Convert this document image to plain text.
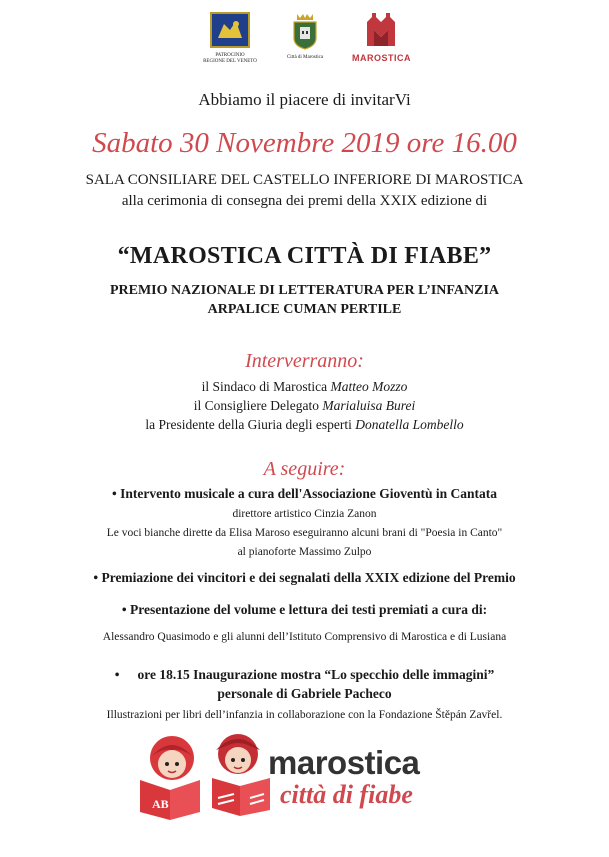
PATROCINIO
REGIONE DEL VENETO
Città di Marostica	MAROSTICA
Abbiamo il piacere di invitarVi
Sabato 30 Novembre 2019 ore 16.00
SALA CONSILIARE DEL CASTELLO INFERIORE DI MAROSTICA
alla cerimonia di consegna dei premi della XXIX edizione di
“MAROSTICA CITTÀ DI FIABE”
PREMIO NAZIONALE DI LETTERATURA PER L’INFANZIA
ARPALICE CUMAN PERTILE
Interverranno:
il Sindaco di Marostica Matteo Mozzo
il Consigliere Delegato Marialuisa Burei
la Presidente della Giuria degli esperti Donatella Lombello
A seguire:
• Intervento musicale a cura dell'Associazione Gioventù in Cantata
direttore artistico Cinzia Zanon
Le voci bianche dirette da Elisa Maroso eseguiranno alcuni brani di "Poesia in Canto"
al pianoforte Massimo Zulpo
• Premiazione dei vincitori e dei segnalati della XXIX edizione del Premio
• Presentazione del volume e lettura dei testi premiati a cura di:
Alessandro Quasimodo e gli alunni dell’Istituto Comprensivo di Marostica e di Lusiana
• ore 18.15 Inaugurazione mostra “Lo specchio delle immagini”
personale di Gabriele Pacheco
Illustrazioni per libri dell’infanzia in collaborazione con la Fondazione Štěpán Zavřel.
AB
marostica
città di fiabe
